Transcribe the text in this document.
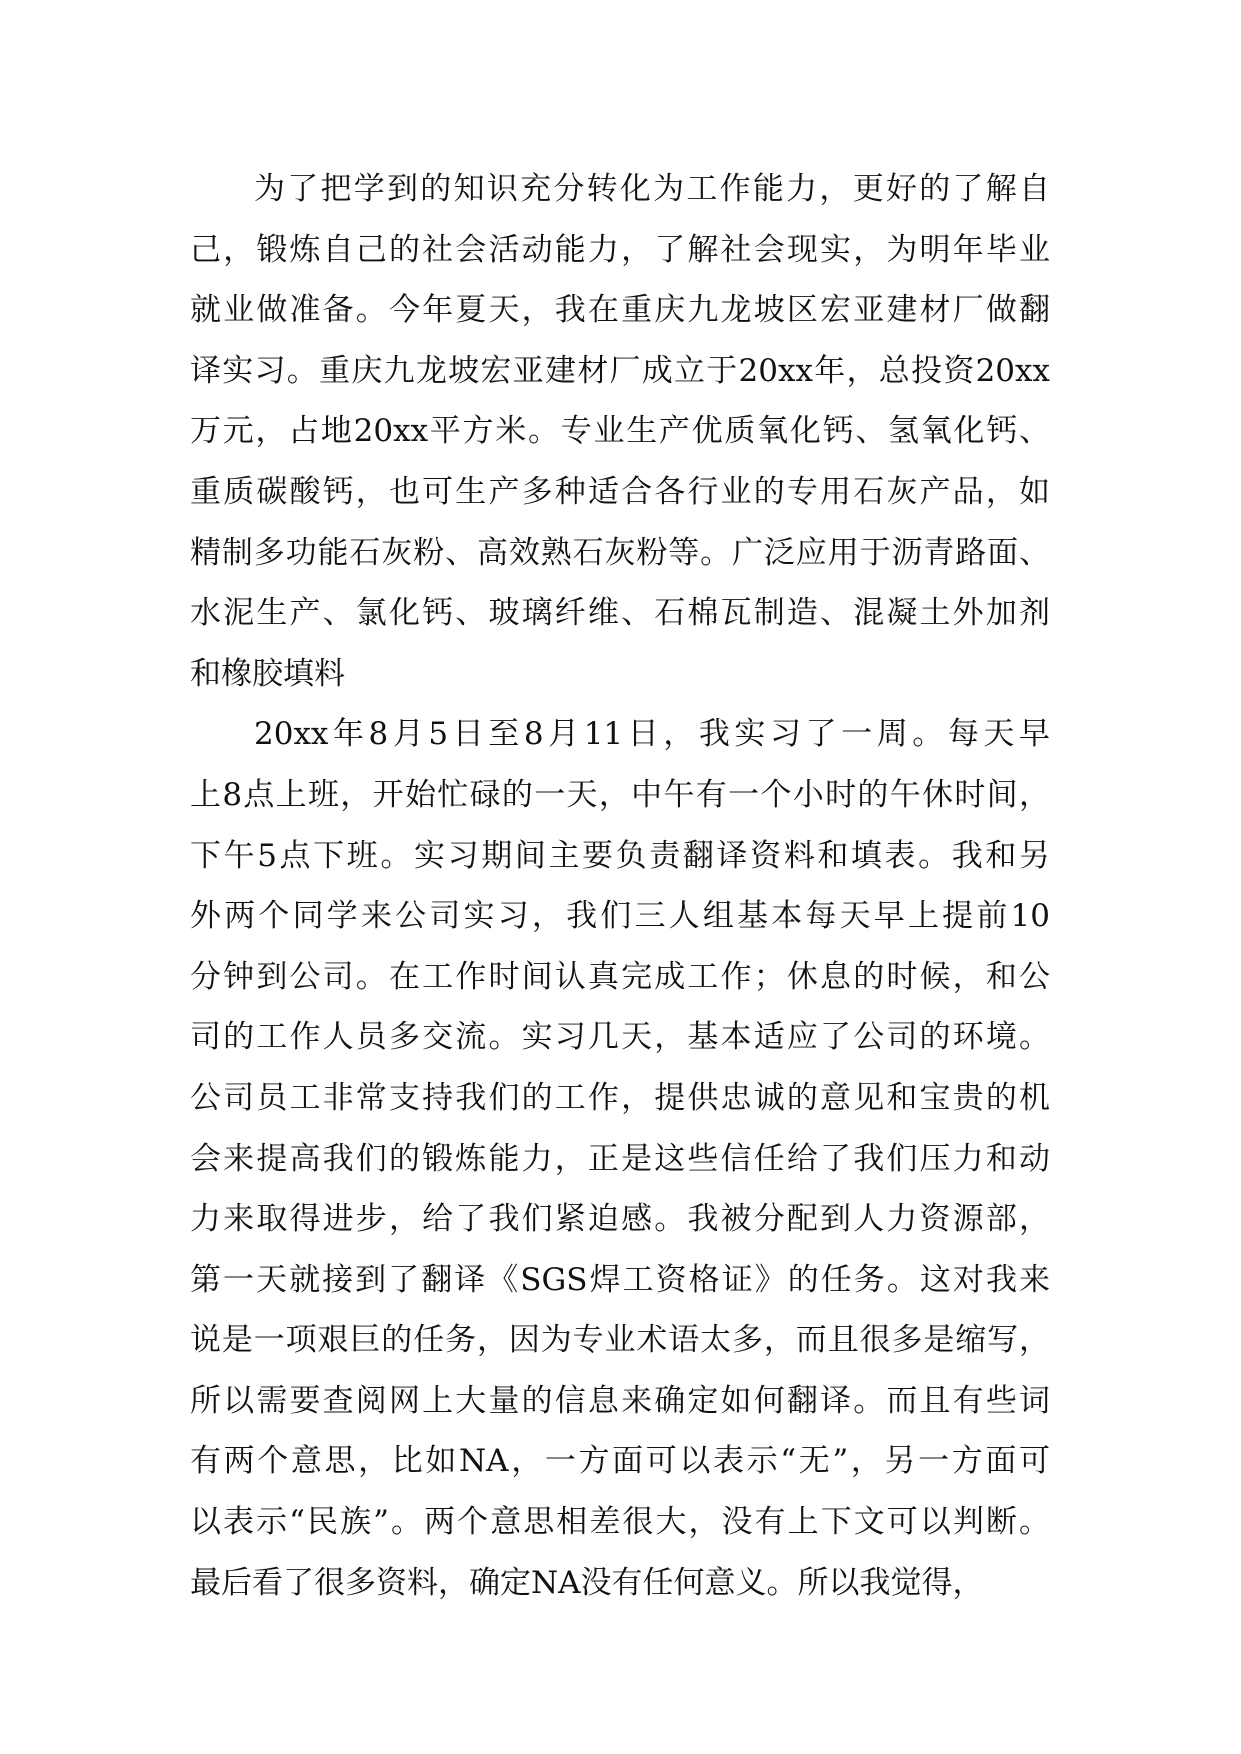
为了把学到的知识充分转化为工作能力，更好的了解自
己，锻炼自己的社会活动能力，了解社会现实，为明年毕业
就业做准备。今年夏天，我在重庆九龙坡区宏亚建材厂做翻
译实习。重庆九龙坡宏亚建材厂成立于20xx年，总投资20xx
万元，占地20xx平方米。专业生产优质氧化钙、氢氧化钙、
重质碳酸钙，也可生产多种适合各行业的专用石灰产品，如
精制多功能石灰粉、高效熟石灰粉等。广泛应用于沥青路面、
水泥生产、氯化钙、玻璃纤维、石棉瓦制造、混凝土外加剂
和橡胶填料
20xx年8月5日至8月11日，我实习了一周。每天早
上8点上班，开始忙碌的一天，中午有一个小时的午休时间，
下午5点下班。实习期间主要负责翻译资料和填表。我和另
外两个同学来公司实习，我们三人组基本每天早上提前10
分钟到公司。在工作时间认真完成工作；休息的时候，和公
司的工作人员多交流。实习几天，基本适应了公司的环境。
公司员工非常支持我们的工作，提供忠诚的意见和宝贵的机
会来提高我们的锻炼能力，正是这些信任给了我们压力和动
力来取得进步，给了我们紧迫感。我被分配到人力资源部，
第一天就接到了翻译《SGS焊工资格证》的任务。这对我来
说是一项艰巨的任务，因为专业术语太多，而且很多是缩写，
所以需要查阅网上大量的信息来确定如何翻译。而且有些词
有两个意思，比如NA，一方面可以表示“无”，另一方面可
以表示“民族”。两个意思相差很大，没有上下文可以判断。
最后看了很多资料，确定NA没有任何意义。所以我觉得，
